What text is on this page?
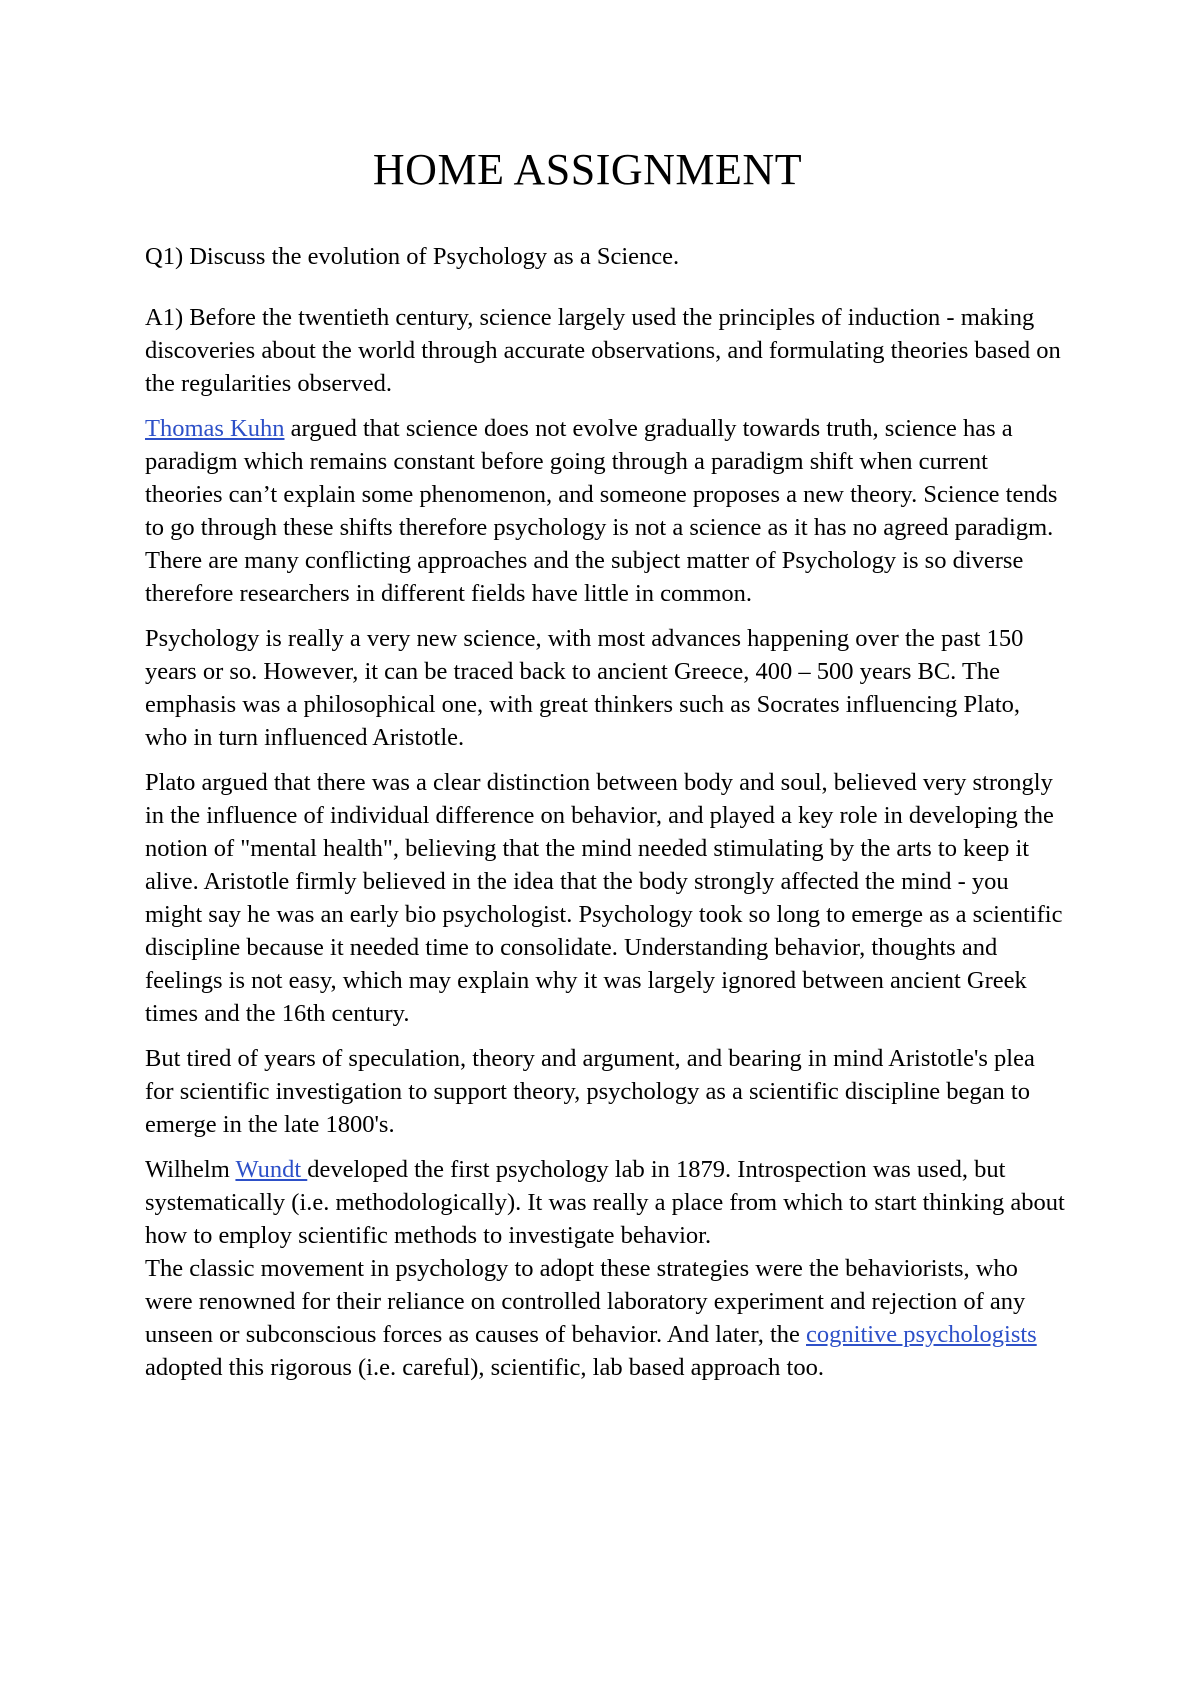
HOME ASSIGNMENT

Q1) Discuss the evolution of Psychology as a Science.

A1) Before the twentieth century, science largely used the principles of induction - making discoveries about the world through accurate observations, and formulating theories based on the regularities observed.

Thomas Kuhn argued that science does not evolve gradually towards truth, science has a paradigm which remains constant before going through a paradigm shift when current theories can’t explain some phenomenon, and someone proposes a new theory. Science tends to go through these shifts therefore psychology is not a science as it has no agreed paradigm. There are many conflicting approaches and the subject matter of Psychology is so diverse therefore researchers in different fields have little in common.

Psychology is really a very new science, with most advances happening over the past 150 years or so. However, it can be traced back to ancient Greece, 400 – 500 years BC. The emphasis was a philosophical one, with great thinkers such as Socrates influencing Plato, who in turn influenced Aristotle.

Plato argued that there was a clear distinction between body and soul, believed very strongly in the influence of individual difference on behavior, and played a key role in developing the notion of "mental health", believing that the mind needed stimulating by the arts to keep it alive. Aristotle firmly believed in the idea that the body strongly affected the mind - you might say he was an early bio psychologist. Psychology took so long to emerge as a scientific discipline because it needed time to consolidate. Understanding behavior, thoughts and feelings is not easy, which may explain why it was largely ignored between ancient Greek times and the 16th century.

But tired of years of speculation, theory and argument, and bearing in mind Aristotle's plea for scientific investigation to support theory, psychology as a scientific discipline began to emerge in the late 1800's.

Wilhelm Wundt developed the first psychology lab in 1879. Introspection was used, but systematically (i.e. methodologically). It was really a place from which to start thinking about how to employ scientific methods to investigate behavior.

The classic movement in psychology to adopt these strategies were the behaviorists, who were renowned for their reliance on controlled laboratory experiment and rejection of any unseen or subconscious forces as causes of behavior. And later, the cognitive psychologists adopted this rigorous (i.e. careful), scientific, lab based approach too.
